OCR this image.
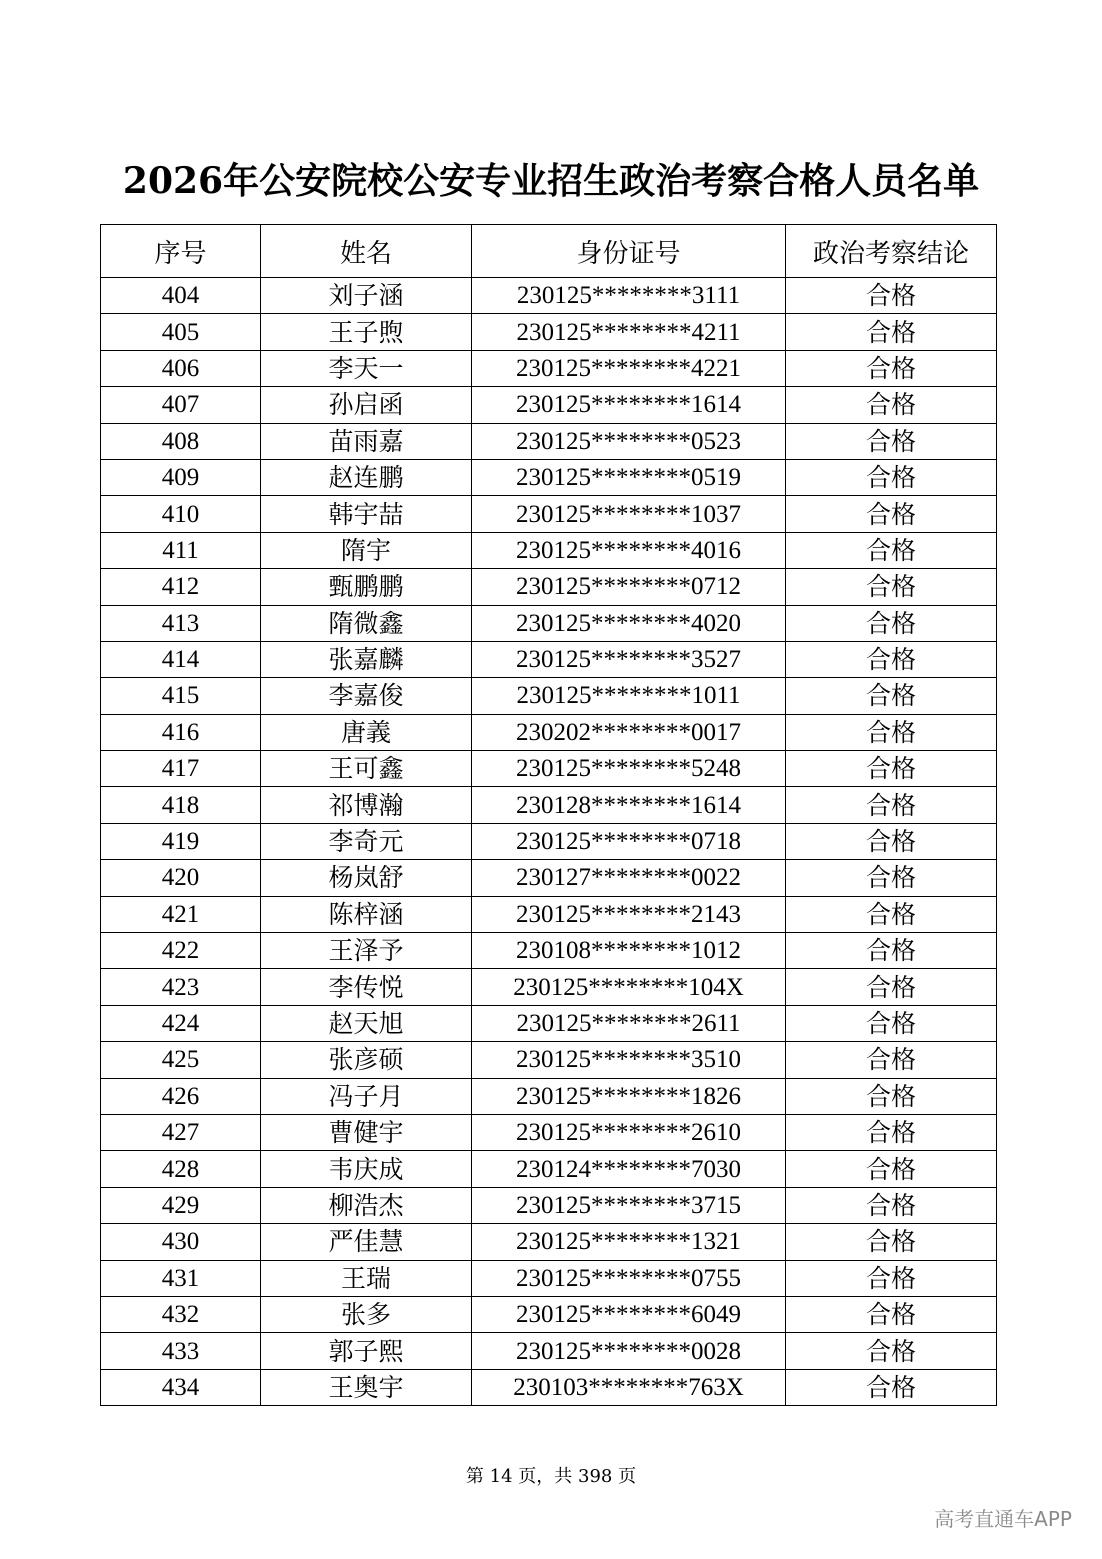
2026年公安院校公安专业招生政治考察合格人员名单
序号	姓名	身份证号	政治考察结论
404	刘子涵	230125********3111	合格
405	王子煦	230125********4211	合格
406	李天一	230125********4221	合格
407	孙启函	230125********1614	合格
408	苗雨嘉	230125********0523	合格
409	赵连鹏	230125********0519	合格
410	韩宇喆	230125********1037	合格
411	隋宇	230125********4016	合格
412	甄鹏鹏	230125********0712	合格
413	隋微鑫	230125********4020	合格
414	张嘉麟	230125********3527	合格
415	李嘉俊	230125********1011	合格
416	唐義	230202********0017	合格
417	王可鑫	230125********5248	合格
418	祁博瀚	230128********1614	合格
419	李奇元	230125********0718	合格
420	杨岚舒	230127********0022	合格
421	陈梓涵	230125********2143	合格
422	王泽予	230108********1012	合格
423	李传悦	230125********104X	合格
424	赵天旭	230125********2611	合格
425	张彦硕	230125********3510	合格
426	冯子月	230125********1826	合格
427	曹健宇	230125********2610	合格
428	韦庆成	230124********7030	合格
429	柳浩杰	230125********3715	合格
430	严佳慧	230125********1321	合格
431	王瑞	230125********0755	合格
432	张多	230125********6049	合格
433	郭子熙	230125********0028	合格
434	王奥宇	230103********763X	合格
第 14 页，共 398 页
高考直通车APP
